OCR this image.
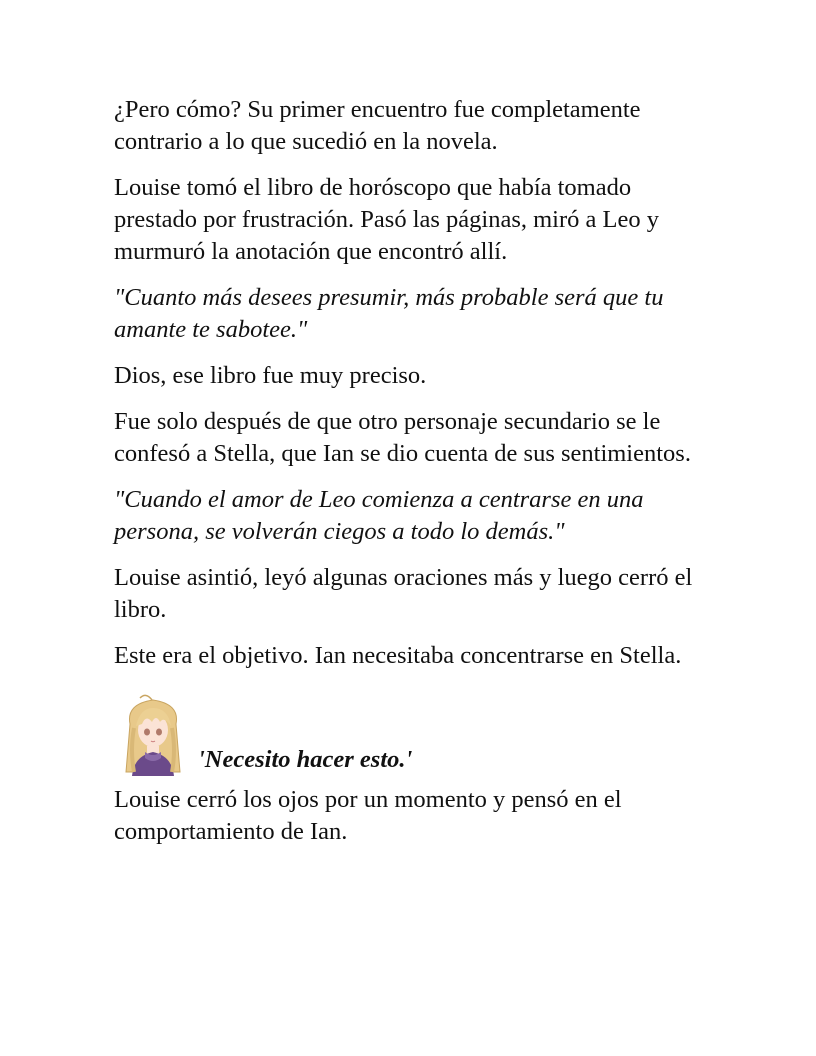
¿Pero cómo? Su primer encuentro fue completamente contrario a lo que sucedió en la novela.

Louise tomó el libro de horóscopo que había tomado prestado por frustración. Pasó las páginas, miró a Leo y murmuró la anotación que encontró allí.

"Cuanto más desees presumir, más probable será que tu amante te sabotee."

Dios, ese libro fue muy preciso.

Fue solo después de que otro personaje secundario se le confesó a Stella, que Ian se dio cuenta de sus sentimientos.

"Cuando el amor de Leo comienza a centrarse en una persona, se volverán ciegos a todo lo demás."

Louise asintió, leyó algunas oraciones más y luego cerró el libro.

Este era el objetivo. Ian necesitaba concentrarse en Stella.

'Necesito hacer esto.'

Louise cerró los ojos por un momento y pensó en el comportamiento de Ian.
